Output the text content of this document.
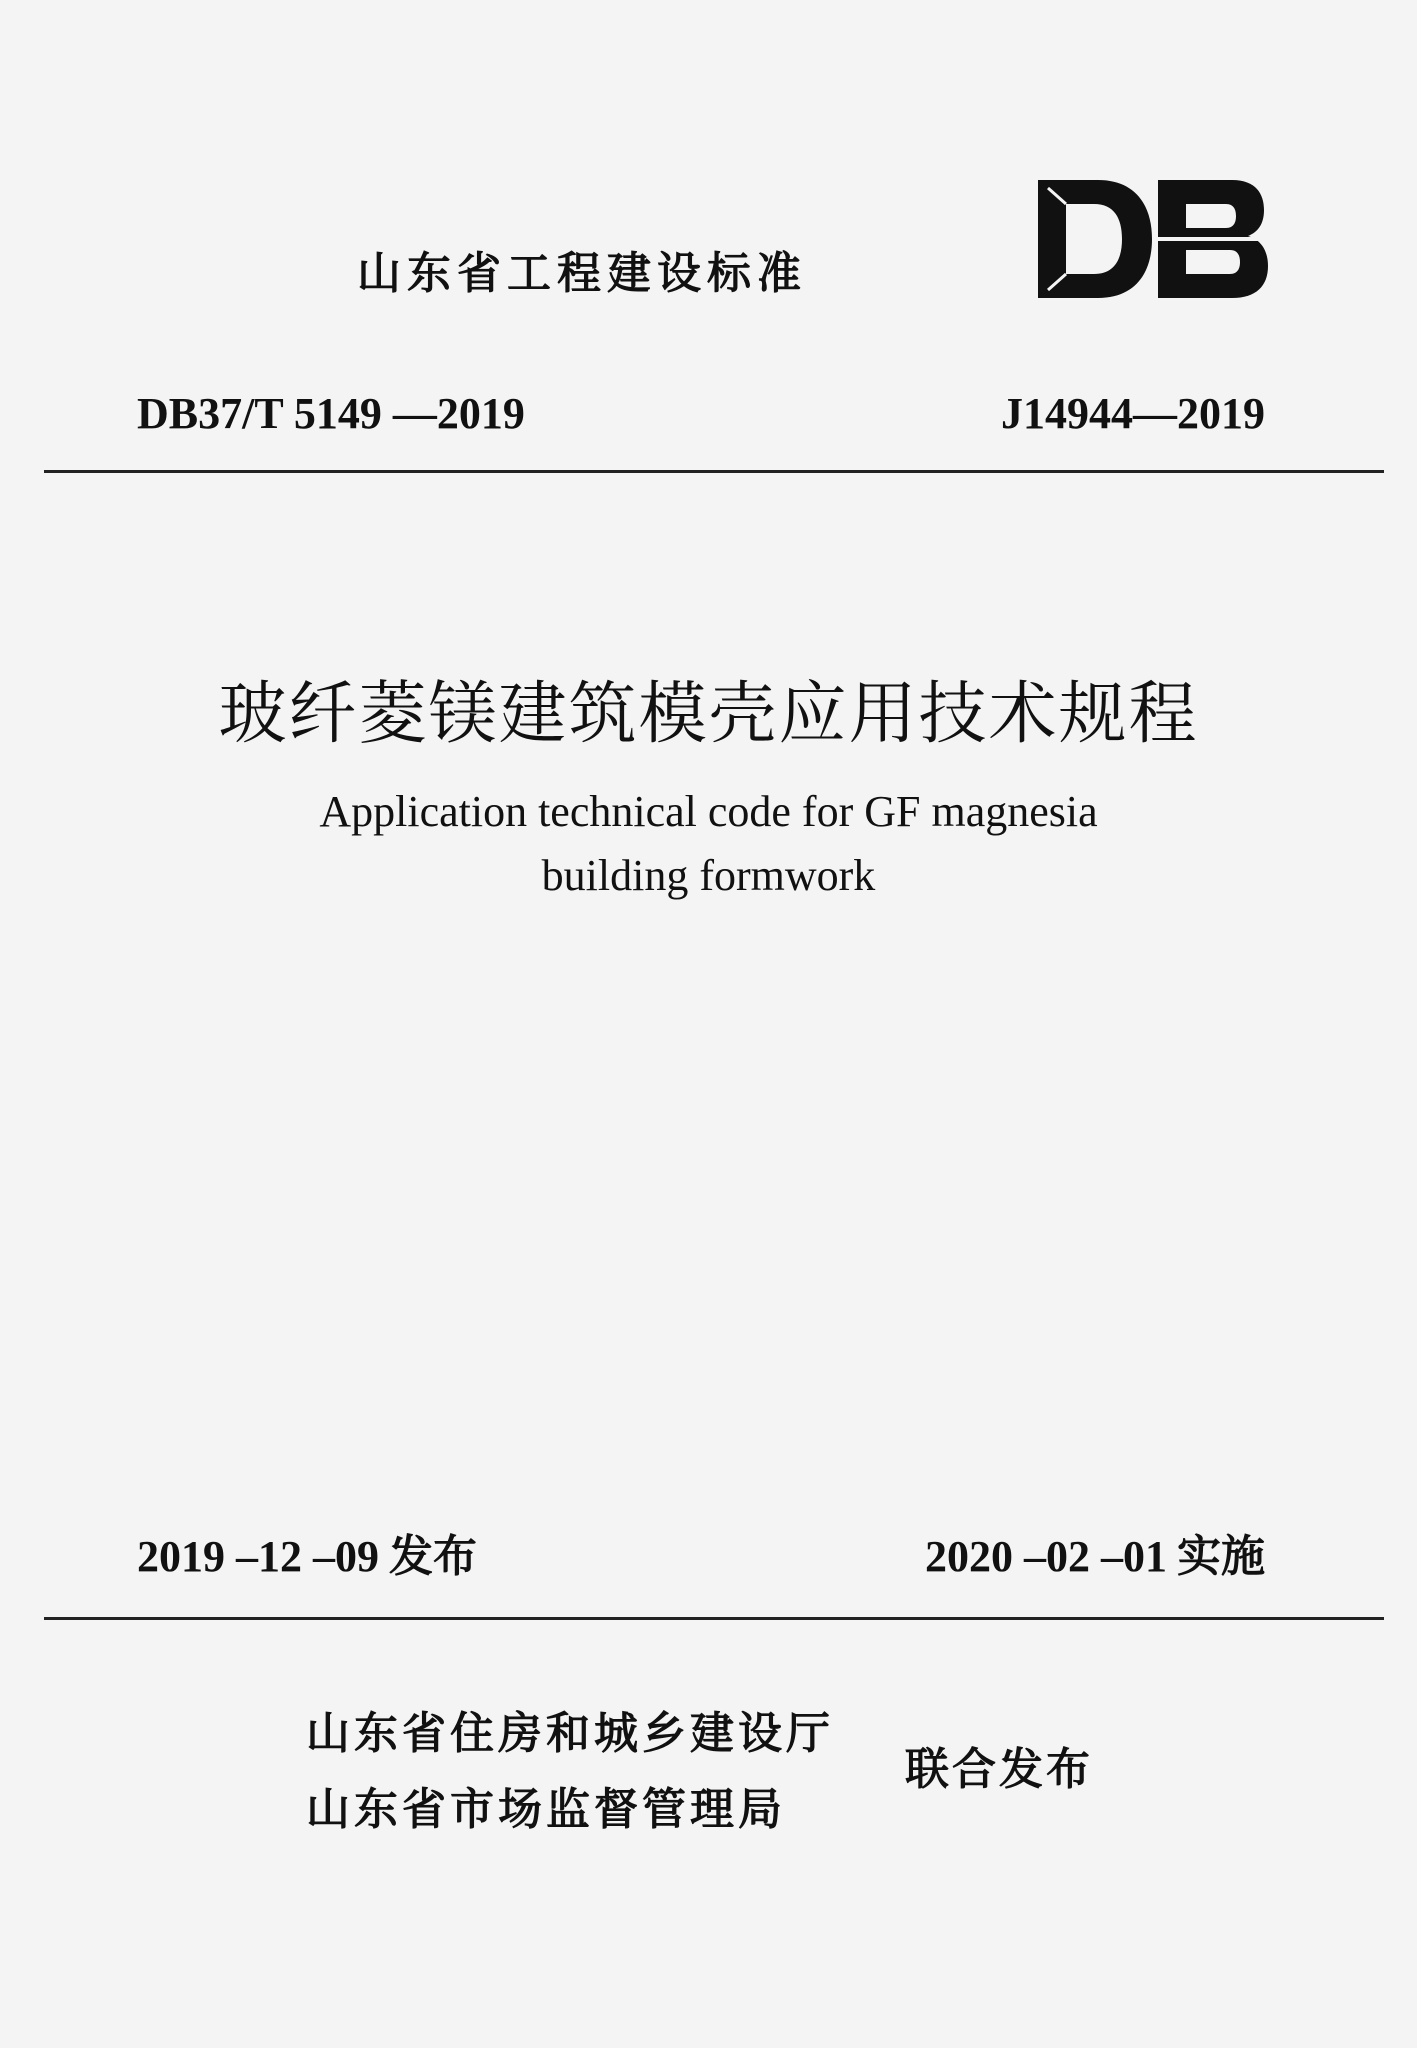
山东省工程建设标准
DB37/T 5149 —2019	J14944—2019
玻纤菱镁建筑模壳应用技术规程
Application technical code for GF magnesia
building formwork
2019 –12 –09 发布	2020 –02 –01 实施
山东省住房和城乡建设厅
山东省市场监督管理局
联合发布
